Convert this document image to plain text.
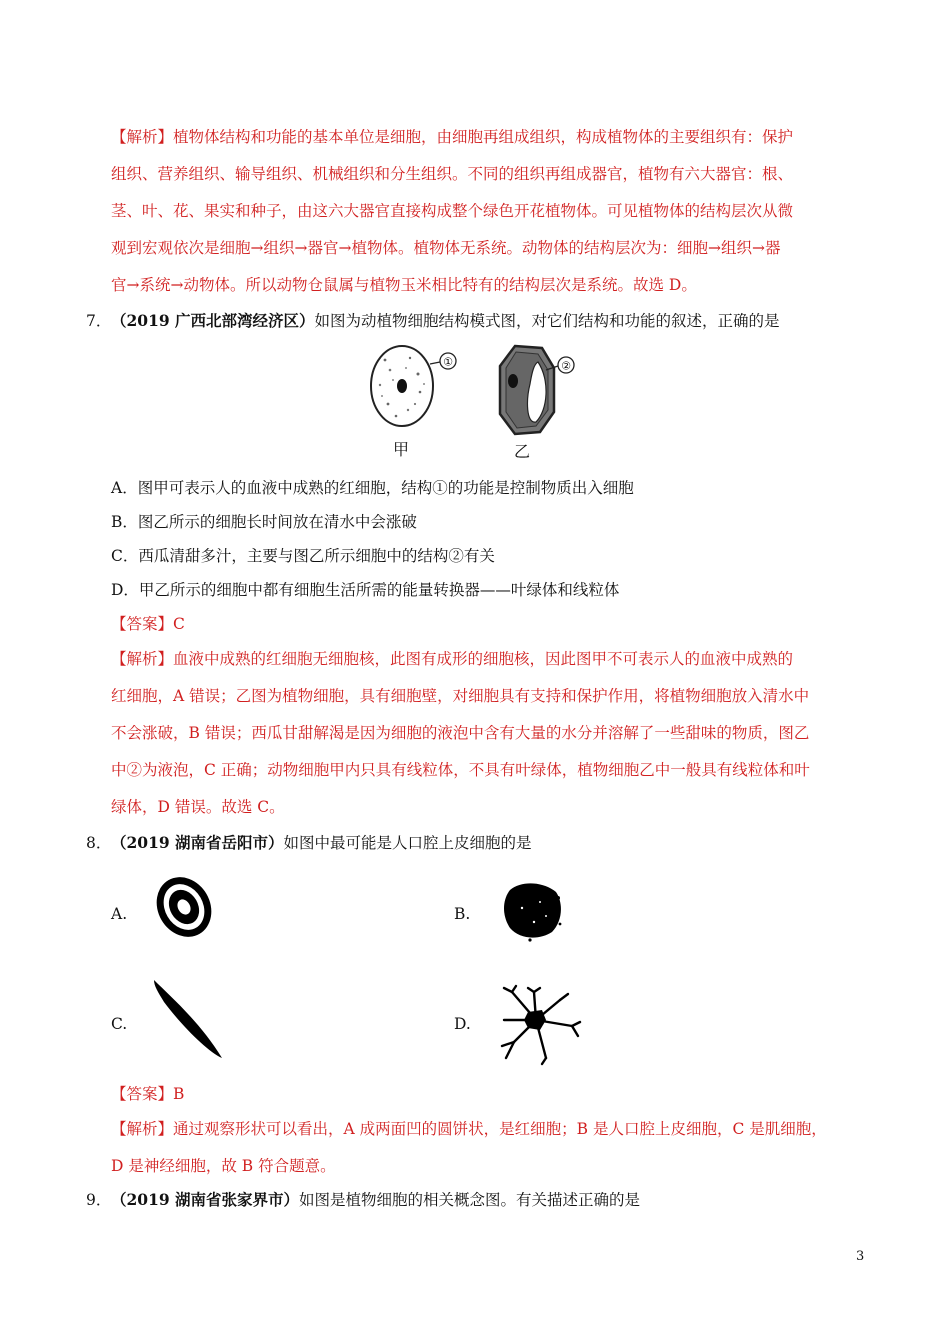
【解析】植物体结构和功能的基本单位是细胞，由细胞再组成组织，构成植物体的主要组织有：保护
组织、营养组织、输导组织、机械组织和分生组织。不同的组织再组成器官，植物有六大器官：根、
茎、叶、花、果实和种子，由这六大器官直接构成整个绿色开花植物体。可见植物体的结构层次从微
观到宏观依次是细胞→组织→器官→植物体。植物体无系统。动物体的结构层次为：细胞→组织→器
官→系统→动物体。所以动物仓鼠属与植物玉米相比特有的结构层次是系统。故选 D。
7． （2019 广西北部湾经济区）如图为动植物细胞结构模式图，对它们结构和功能的叙述，正确的是
①	②
甲	乙
A．图甲可表示人的血液中成熟的红细胞，结构①的功能是控制物质出入细胞
B．图乙所示的细胞长时间放在清水中会涨破
C．西瓜清甜多汁，主要与图乙所示细胞中的结构②有关
D．甲乙所示的细胞中都有细胞生活所需的能量转换器——叶绿体和线粒体
【答案】C
【解析】血液中成熟的红细胞无细胞核，此图有成形的细胞核，因此图甲不可表示人的血液中成熟的
红细胞，A 错误；乙图为植物细胞，具有细胞壁，对细胞具有支持和保护作用，将植物细胞放入清水中
不会涨破，B 错误；西瓜甘甜解渴是因为细胞的液泡中含有大量的水分并溶解了一些甜味的物质，图乙
中②为液泡，C 正确；动物细胞甲内只具有线粒体，不具有叶绿体，植物细胞乙中一般具有线粒体和叶
绿体，D 错误。故选 C。
8． （2019 湖南省岳阳市）如图中最可能是人口腔上皮细胞的是
A.	B.
C.	D.
【答案】B
【解析】通过观察形状可以看出，A 成两面凹的圆饼状，是红细胞；B 是人口腔上皮细胞，C 是肌细胞，
D 是神经细胞，故 B 符合题意。
9． （2019 湖南省张家界市）如图是植物细胞的相关概念图。有关描述正确的是
3
